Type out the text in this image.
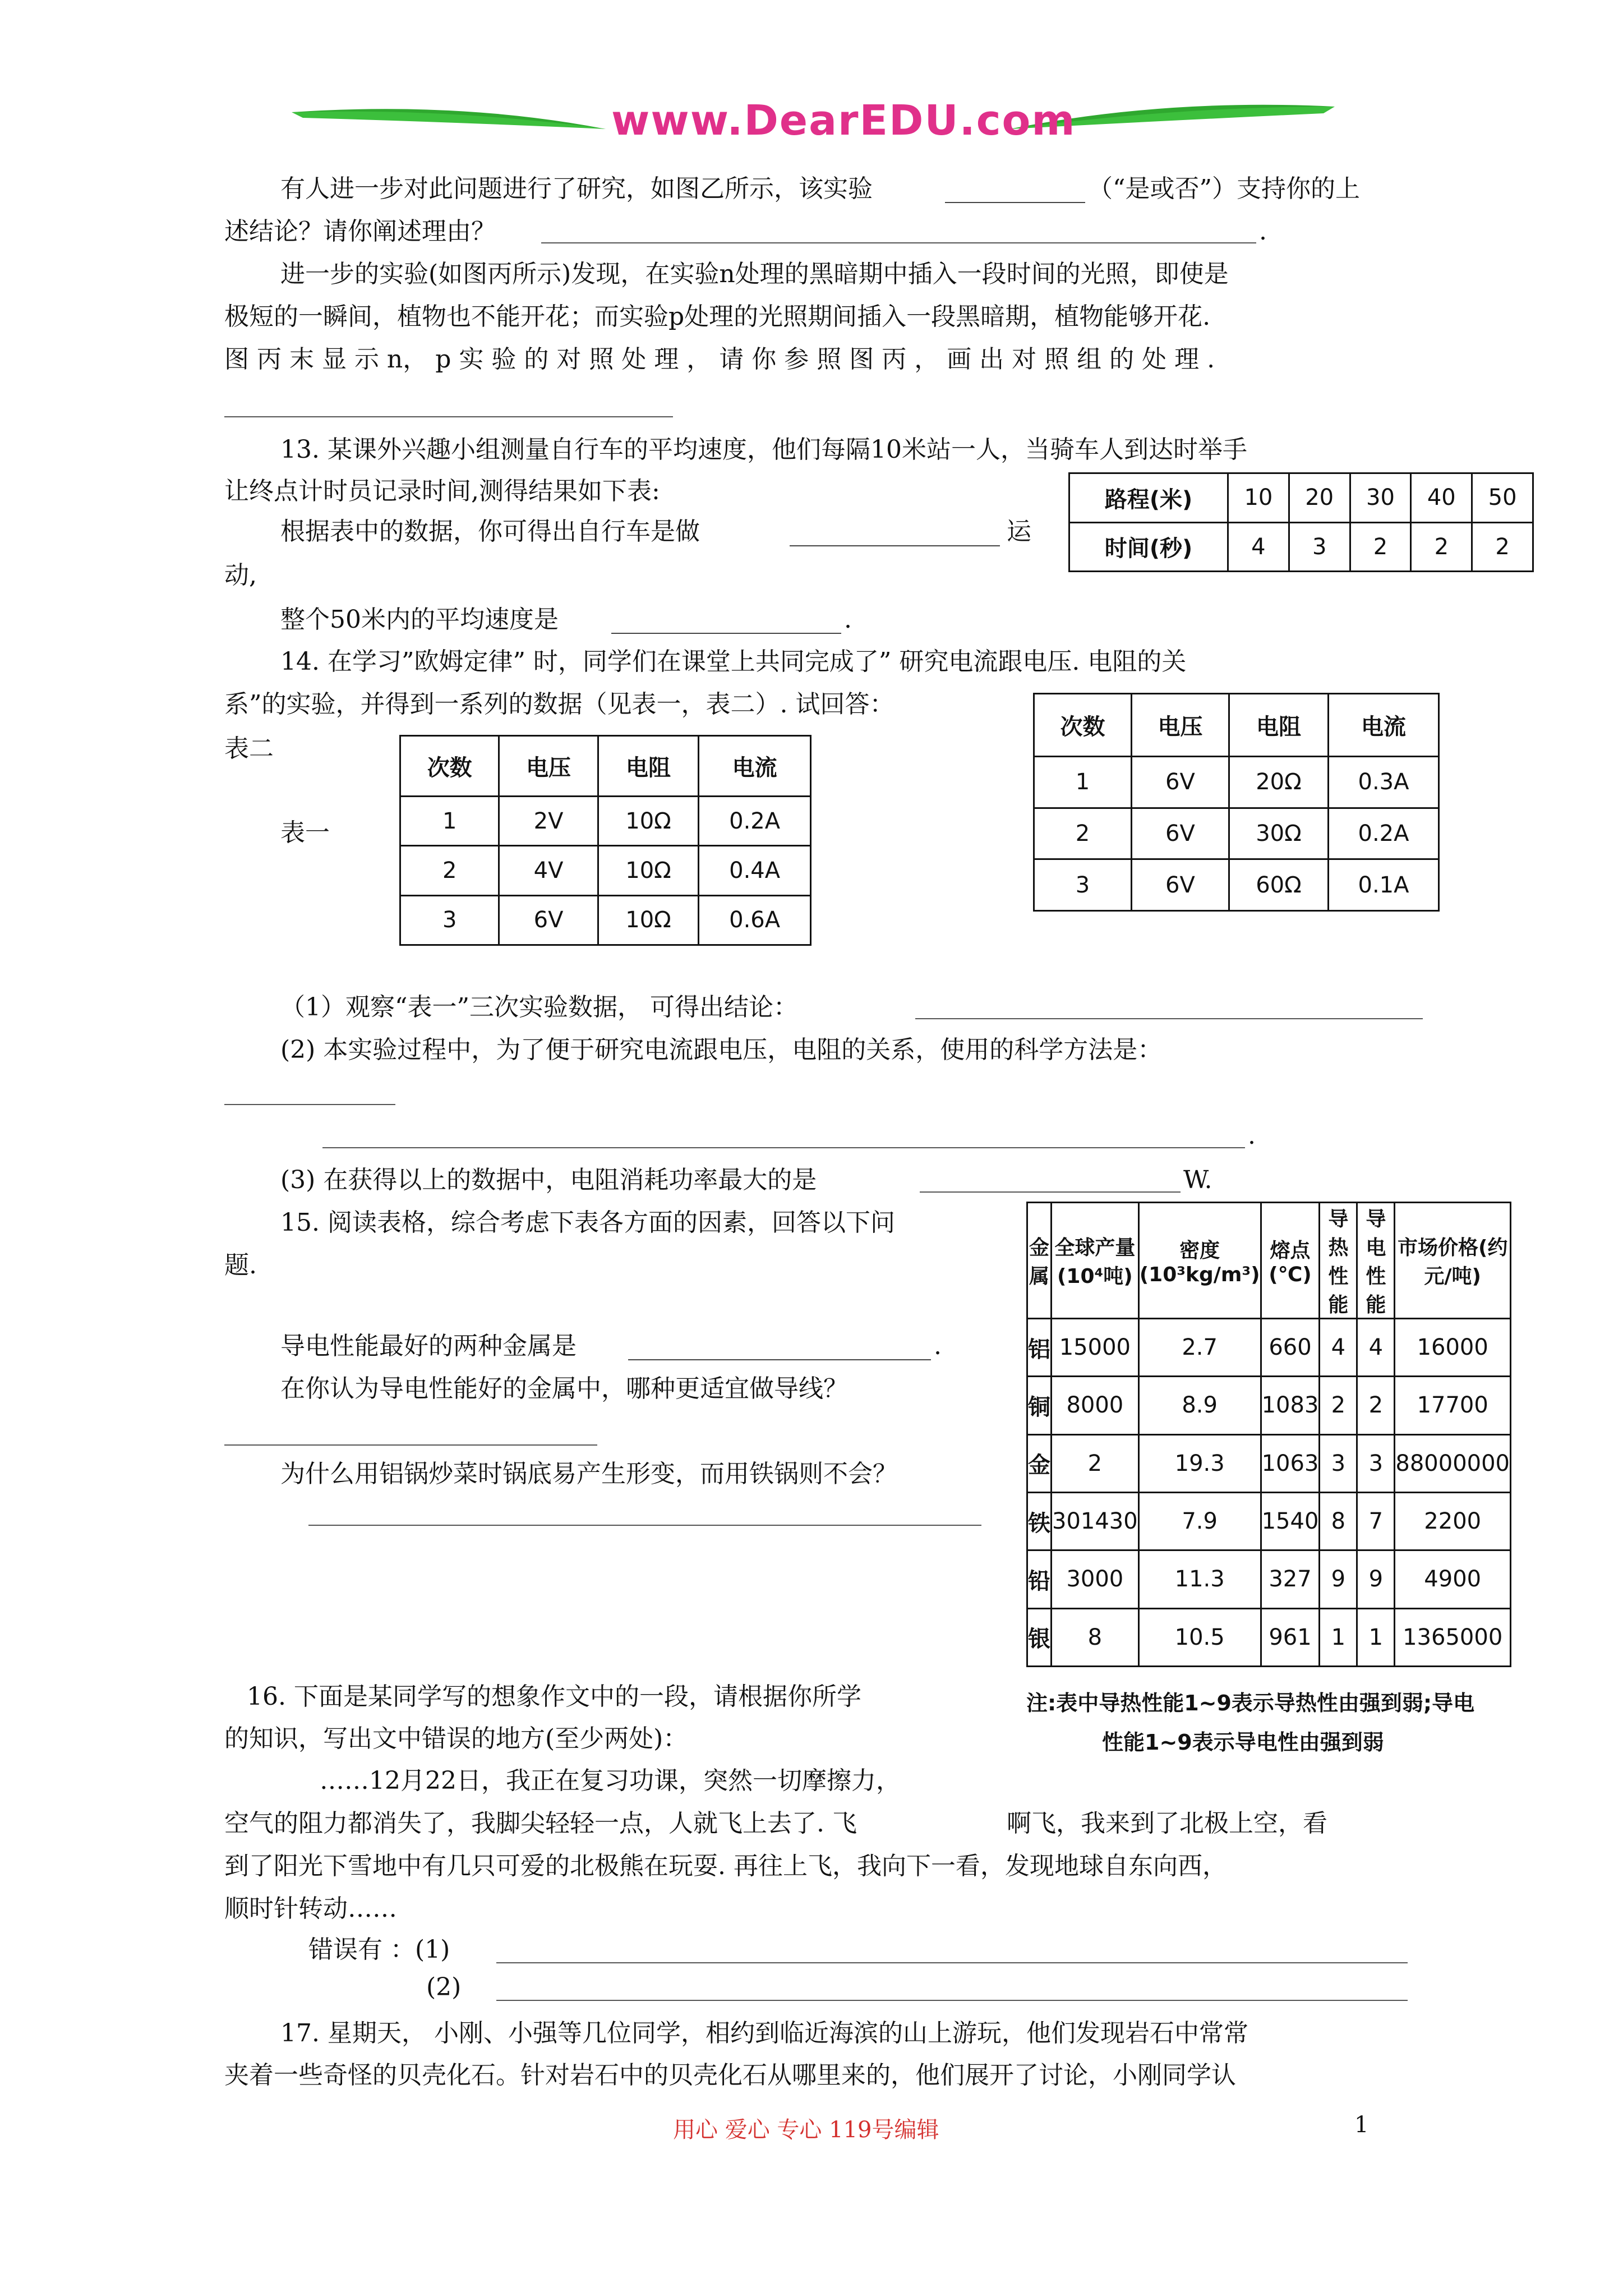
www.DearEDU.com
有人进一步对此问题进行了研究，如图乙所示，该实验	（“是或否”）支持你的上
述结论？请你阐述理由？	.
进一步的实验(如图丙所示)发现，在实验n处理的黑暗期中插入一段时间的光照，即使是
极短的一瞬间，植物也不能开花；而实验p处理的光照期间插入一段黑暗期，植物能够开花.
图 丙 末 显 示 n， p 实 验 的 对 照 处 理 ， 请 你 参 照 图 丙 ， 画 出 对 照 组 的 处 理 .
13. 某课外兴趣小组测量自行车的平均速度，他们每隔10米站一人，当骑车人到达时举手
让终点计时员记录时间,测得结果如下表:
根据表中的数据，你可得出自行车是做	运
动,
整个50米内的平均速度是	.
路程(米)	10	20	30	40	50
时间(秒)	4	3	2	2	2
14. 在学习”欧姆定律” 时，同学们在课堂上共同完成了” 研究电流跟电压. 电阻的关
系”的实验，并得到一系列的数据（见表一，表二）. 试回答：
表二
表一
次数	电压	电阻	电流
1	2V	10Ω	0.2A
2	4V	10Ω	0.4A
3	6V	10Ω	0.6A
次数	电压	电阻	电流
1	6V	20Ω	0.3A
2	6V	30Ω	0.2A
3	6V	60Ω	0.1A
（1）观察“表一”三次实验数据， 可得出结论：
(2) 本实验过程中，为了便于研究电流跟电压，电阻的关系，使用的科学方法是：
.
(3) 在获得以上的数据中，电阻消耗功率最大的是	W.
15. 阅读表格，综合考虑下表各方面的因素，回答以下问
题.
导电性能最好的两种金属是	.
在你认为导电性能好的金属中，哪种更适宜做导线？
为什么用铝锅炒菜时锅底易产生形变，而用铁锅则不会？
金属	全球产量(10⁴吨)	密度(10³kg/m³)	熔点(℃)	导热性能	导电性能	市场价格(约元/吨)
铝	15000	2.7	660	4	4	16000
铜	8000	8.9	1083	2	2	17700
金	2	19.3	1063	3	3	88000000
铁	301430	7.9	1540	8	7	2200
铅	3000	11.3	327	9	9	4900
银	8	10.5	961	1	1	1365000
注:表中导热性能1~9表示导热性由强到弱;导电
性能1~9表示导电性由强到弱
16. 下面是某同学写的想象作文中的一段，请根据你所学
的知识，写出文中错误的地方(至少两处)：
……12月22日，我正在复习功课，突然一切摩擦力，
空气的阻力都消失了，我脚尖轻轻一点，人就飞上去了. 飞	啊飞，我来到了北极上空，看
到了阳光下雪地中有几只可爱的北极熊在玩耍. 再往上飞，我向下一看，发现地球自东向西，
顺时针转动……
错误有 ：(1)
(2)
17. 星期天， 小刚、小强等几位同学，相约到临近海滨的山上游玩，他们发现岩石中常常
夹着一些奇怪的贝壳化石。针对岩石中的贝壳化石从哪里来的，他们展开了讨论，小刚同学认
用心 爱心 专心 119号编辑	1
